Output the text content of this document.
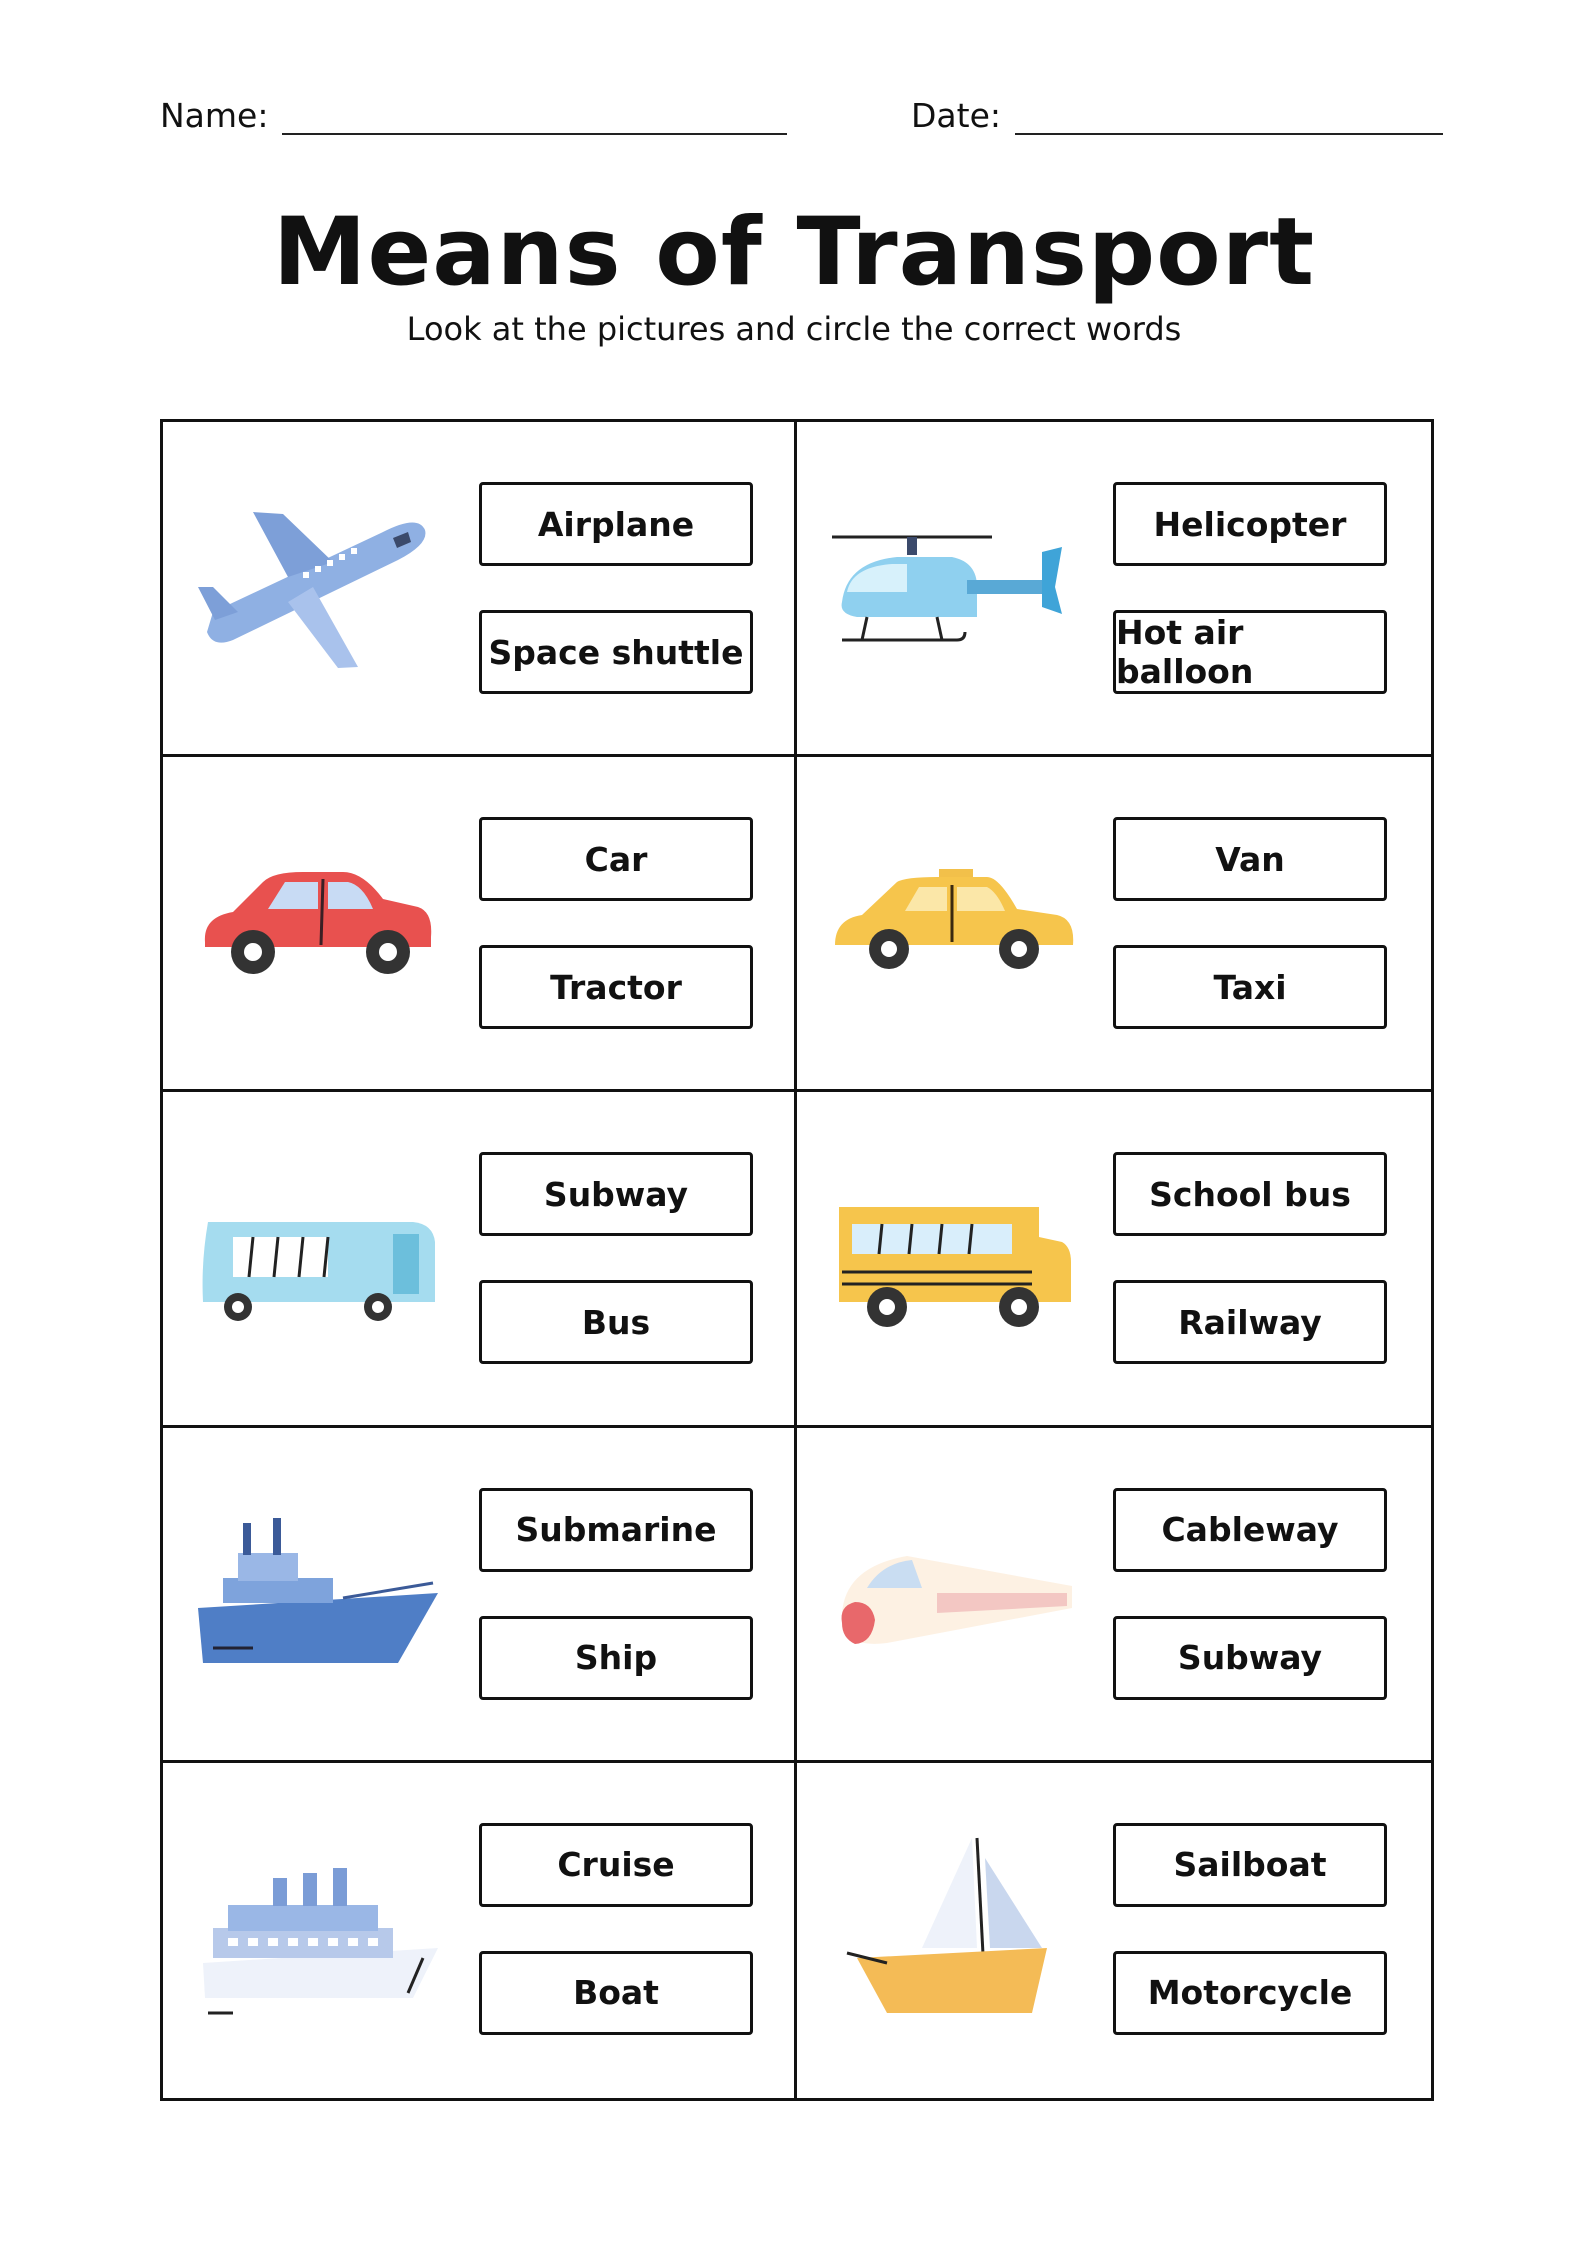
Name:	Date:
Means of Transport
Look at the pictures and circle the correct words
Airplane
Space shuttle
Helicopter
Hot air balloon
Car
Tractor
Van
Taxi
Subway
Bus
School bus
Railway
Submarine
Ship
Cableway
Subway
Cruise
Boat
Sailboat
Motorcycle
